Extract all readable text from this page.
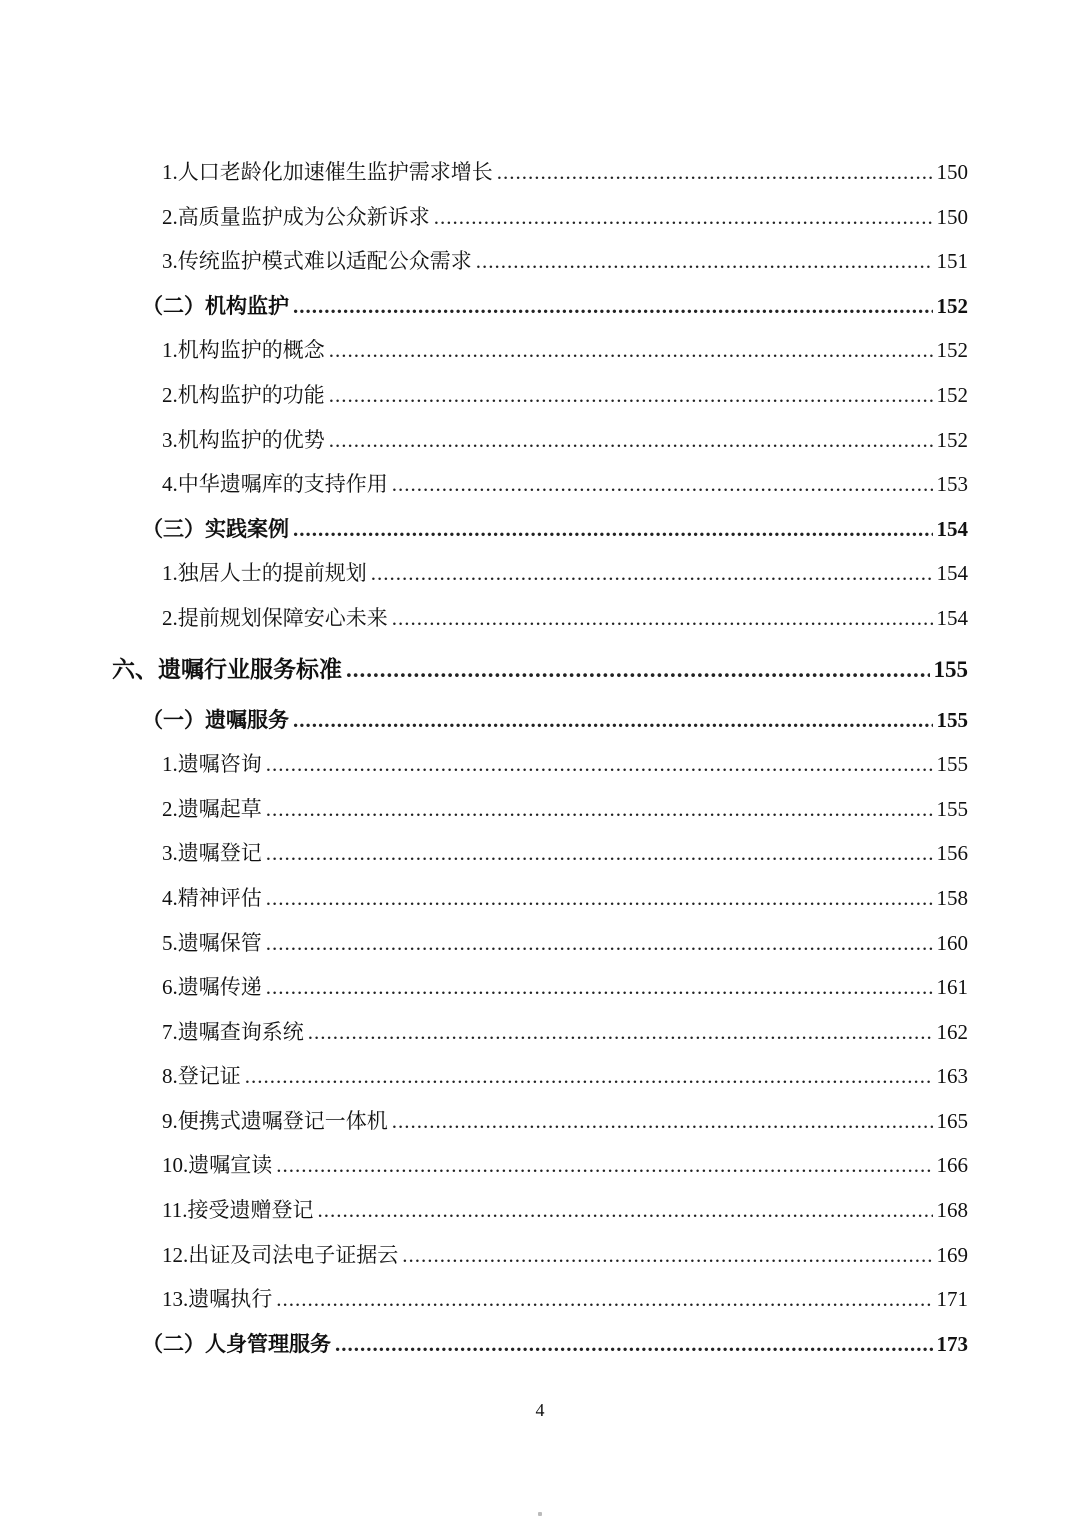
1.人口老龄化加速催生监护需求增长 .....	150
2.高质量监护成为公众新诉求 .....	150
3.传统监护模式难以适配公众需求 .....	151
（二）机构监护 .....	152
1.机构监护的概念 .....	152
2.机构监护的功能 .....	152
3.机构监护的优势 .....	152
4.中华遗嘱库的支持作用 .....	153
（三）实践案例 .....	154
1.独居人士的提前规划 .....	154
2.提前规划保障安心未来 .....	154
六、遗嘱行业服务标准 .....	155
（一）遗嘱服务 .....	155
1.遗嘱咨询 .....	155
2.遗嘱起草 .....	155
3.遗嘱登记 .....	156
4.精神评估 .....	158
5.遗嘱保管 .....	160
6.遗嘱传递 .....	161
7.遗嘱查询系统 .....	162
8.登记证 .....	163
9.便携式遗嘱登记一体机 .....	165
10.遗嘱宣读 .....	166
11.接受遗赠登记 .....	168
12.出证及司法电子证据云 .....	169
13.遗嘱执行 .....	171
（二）人身管理服务 .....	173
4
